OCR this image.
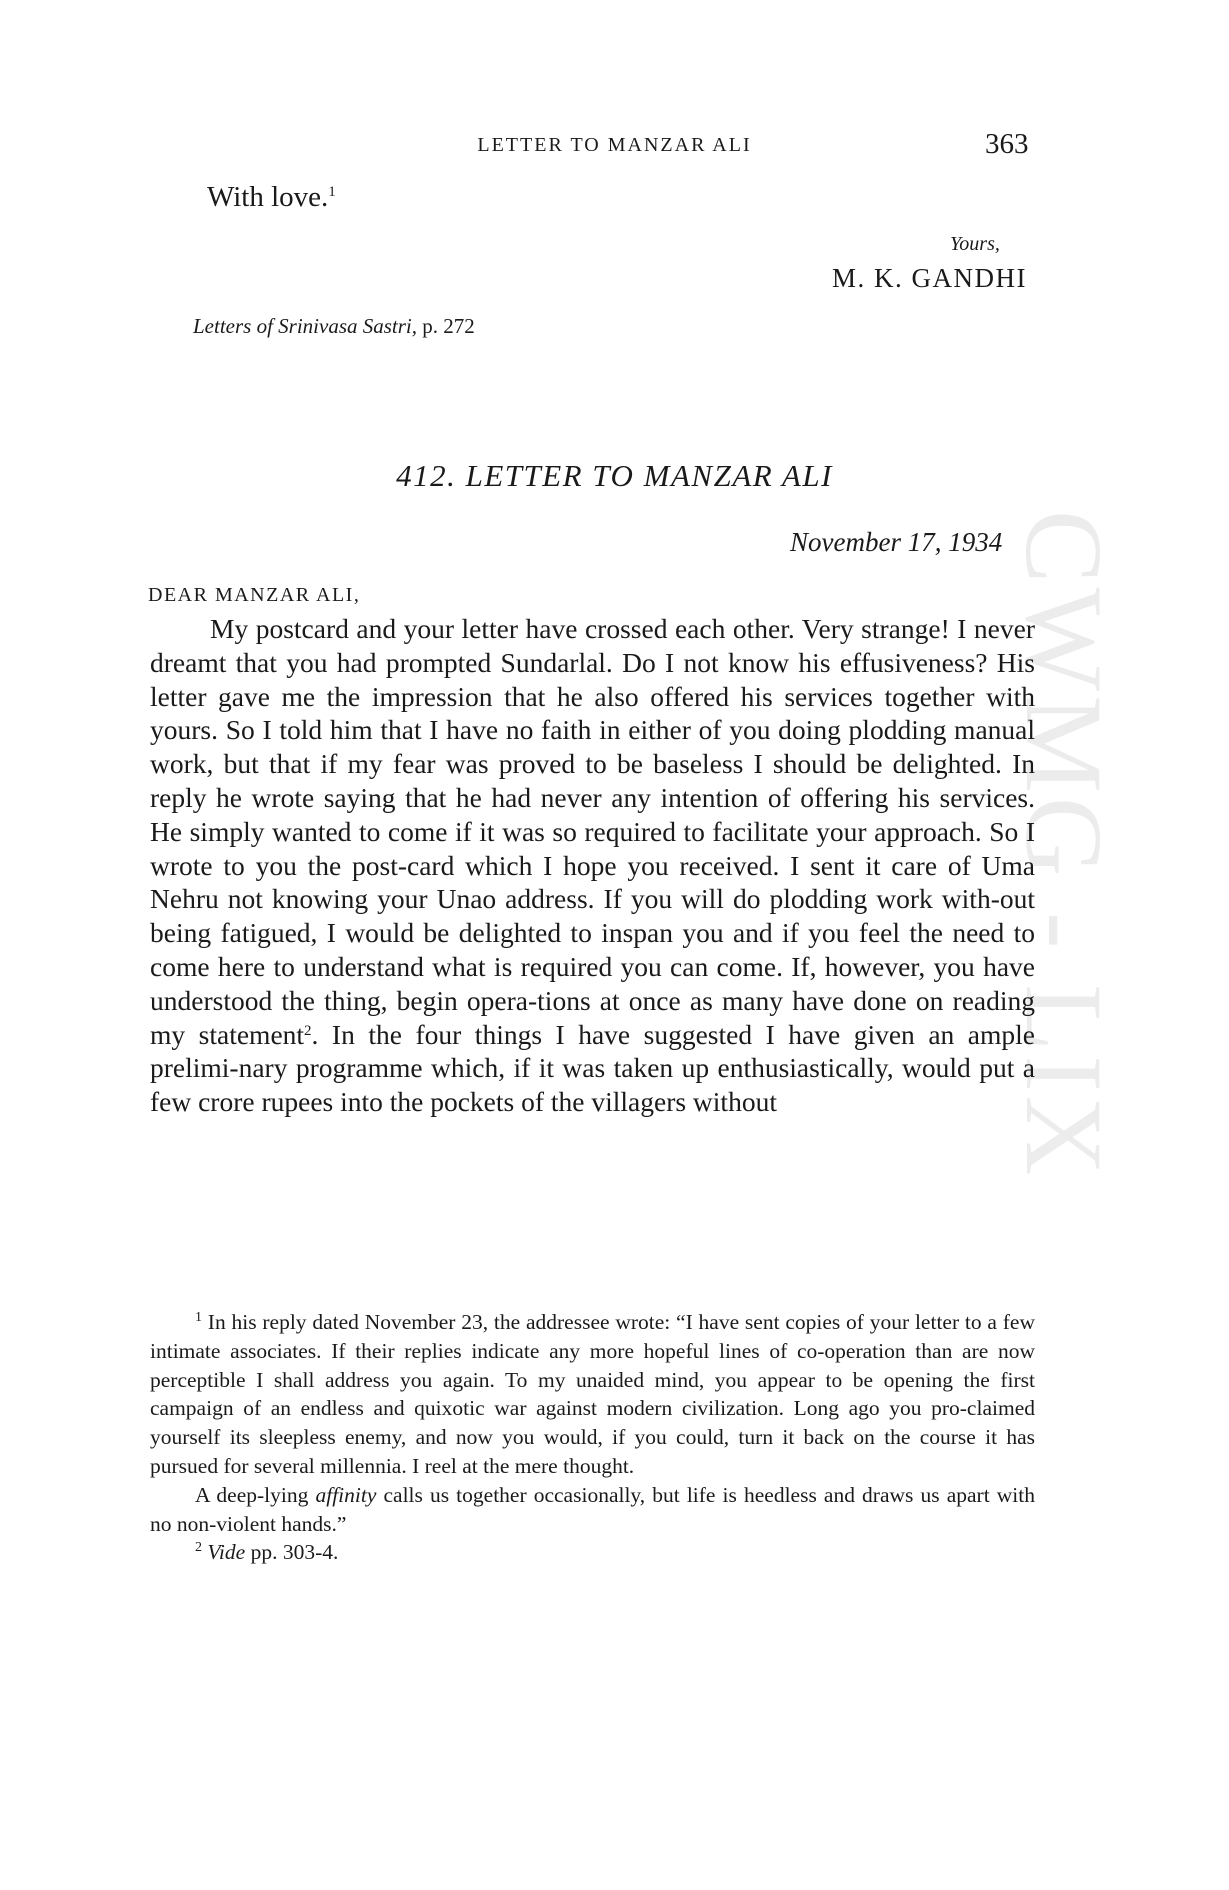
CWMG - LIX
LETTER TO MANZAR ALI	363
With love.$^1$
Yours,
M. K. GANDHI
Letters of Srinivasa Sastri, p. 272
412. LETTER TO MANZAR ALI
November 17, 1934
DEAR MANZAR ALI,

My postcard and your letter have crossed each other. Very strange! I never dreamt that you had prompted Sundarlal. Do I not know his effusiveness? His letter gave me the impression that he also offered his services together with yours. So I told him that I have no faith in either of you doing plodding manual work, but that if my fear was proved to be baseless I should be delighted. In reply he wrote saying that he had never any intention of offering his services. He simply wanted to come if it was so required to facilitate your approach. So I wrote to you the post-card which I hope you received. I sent it care of Uma Nehru not knowing your Unao address. If you will do plodding work with-out being fatigued, I would be delighted to inspan you and if you feel the need to come here to understand what is required you can come. If, however, you have understood the thing, begin opera-tions at once as many have done on reading my statement$^2$. In the four things I have suggested I have given an ample prelimi-nary programme which, if it was taken up enthusiastically, would put a few crore rupees into the pockets of the villagers without

$^1$ In his reply dated November 23, the addressee wrote: “I have sent copies of your letter to a few intimate associates. If their replies indicate any more hopeful lines of co-operation than are now perceptible I shall address you again. To my unaided mind, you appear to be opening the first campaign of an endless and quixotic war against modern civilization. Long ago you pro-claimed yourself its sleepless enemy, and now you would, if you could, turn it back on the course it has pursued for several millennia. I reel at the mere thought.

A deep-lying affinity calls us together occasionally, but life is heedless and draws us apart with no non-violent hands.”

$^2$ Vide pp. 303-4.
